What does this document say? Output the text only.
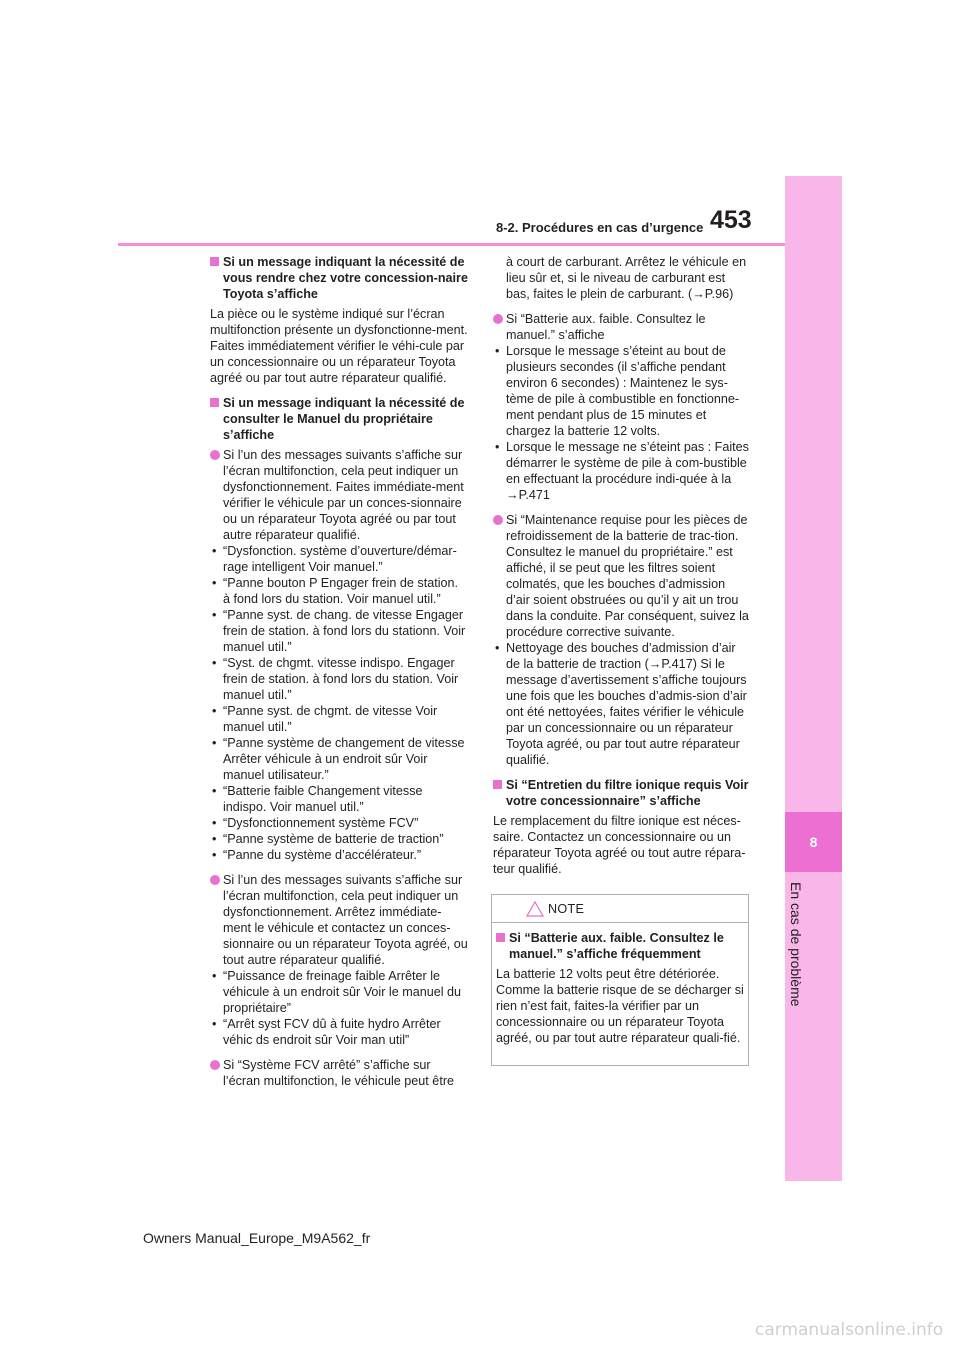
8
En cas de problème
453
8-2. Procédures en cas d’urgence
Si un message indiquant la nécessité de vous rendre chez votre concession-naire Toyota s’affiche

La pièce ou le système indiqué sur l’écran multifonction présente un dysfonctionne-ment. Faites immédiatement vérifier le véhi-cule par un concessionnaire ou un réparateur Toyota agréé ou par tout autre réparateur qualifié.

Si un message indiquant la nécessité de consulter le Manuel du propriétaire s’affiche
Si l’un des messages suivants s’affiche sur l’écran multifonction, cela peut indiquer un dysfonctionnement. Faites immédiate-ment vérifier le véhicule par un conces-sionnaire ou un réparateur Toyota agréé ou par tout autre réparateur qualifié.
• “Dysfonction. système d’ouverture/démar-rage intelligent Voir manuel.”
• “Panne bouton P Engager frein de station. à fond lors du station. Voir manuel util.”
• “Panne syst. de chang. de vitesse Engager frein de station. à fond lors du stationn. Voir manuel util.”
• “Syst. de chgmt. vitesse indispo. Engager frein de station. à fond lors du station. Voir manuel util.”
• “Panne syst. de chgmt. de vitesse Voir manuel util.”
• “Panne système de changement de vitesse Arrêter véhicule à un endroit sûr Voir manuel utilisateur.”
• “Batterie faible Changement vitesse indispo. Voir manuel util.”
• “Dysfonctionnement système FCV”
• “Panne système de batterie de traction”
• “Panne du système d’accélérateur.”
Si l’un des messages suivants s’affiche sur l’écran multifonction, cela peut indiquer un dysfonctionnement. Arrêtez immédiate-ment le véhicule et contactez un conces-sionnaire ou un réparateur Toyota agréé, ou tout autre réparateur qualifié.
• “Puissance de freinage faible Arrêter le véhicule à un endroit sûr Voir le manuel du propriétaire”
• “Arrêt syst FCV dû à fuite hydro Arrêter véhic ds endroit sûr Voir man util”
Si “Système FCV arrêté” s’affiche sur l’écran multifonction, le véhicule peut être

à court de carburant. Arrêtez le véhicule en lieu sûr et, si le niveau de carburant est bas, faites le plein de carburant. (→P.96)

Si “Batterie aux. faible. Consultez le manuel.” s’affiche
• Lorsque le message s’éteint au bout de plusieurs secondes (il s’affiche pendant environ 6 secondes) : Maintenez le sys-tème de pile à combustible en fonctionne-ment pendant plus de 15 minutes et chargez la batterie 12 volts.
• Lorsque le message ne s’éteint pas : Faites démarrer le système de pile à com-bustible en effectuant la procédure indi-quée à la →P.471
Si “Maintenance requise pour les pièces de refroidissement de la batterie de trac-tion. Consultez le manuel du propriétaire.” est affiché, il se peut que les filtres soient colmatés, que les bouches d’admission d’air soient obstruées ou qu’il y ait un trou dans la conduite. Par conséquent, suivez la procédure corrective suivante.
• Nettoyage des bouches d’admission d’air de la batterie de traction (→P.417) Si le message d’avertissement s’affiche toujours une fois que les bouches d’admis-sion d’air ont été nettoyées, faites vérifier le véhicule par un concessionnaire ou un réparateur Toyota agréé, ou par tout autre réparateur qualifié.
Si “Entretien du filtre ionique requis Voir votre concessionnaire” s’affiche

Le remplacement du filtre ionique est néces-saire. Contactez un concessionnaire ou un réparateur Toyota agréé ou tout autre répara-teur qualifié.

NOTE
Si “Batterie aux. faible. Consultez le manuel.” s’affiche fréquemment

La batterie 12 volts peut être détériorée. Comme la batterie risque de se décharger si rien n’est fait, faites-la vérifier par un concessionnaire ou un réparateur Toyota agréé, ou par tout autre réparateur quali-fié.

Owners Manual_Europe_M9A562_fr
carmanualsonline.info
